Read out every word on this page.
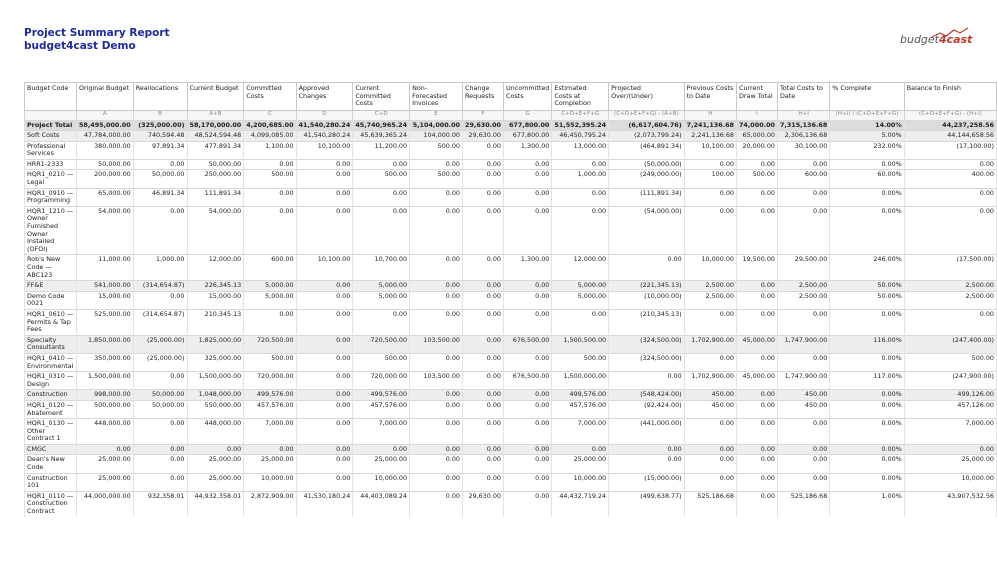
Project Summary Report
budget4cast Demo	budget4cast
Budget Code	Original Budget	Reallocations	Current Budget	Committed Costs	Approved Changes	Current Committed Costs	Non-Forecasted Invoices	Change Requests	Uncommitted Costs	Estimated Costs at Completion	Projected Over/(Under)	Previous Costs to Date	Current Draw Total	Total Costs to Date	% Complete	Balance to Finish
	A	B	A+B	C	D	C+D	E	F	G	C+D+E+F+G	(C+D+E+F+G) - (A+B)	H	I	H+I	(H+I) / (C+D+E+F+G)	(C+D+E+F+G) - (H+I)
Project Total	58,495,000.00	(325,000.00)	58,170,000.00	4,200,685.00	41,540,280.24	45,740,965.24	5,104,000.00	29,630.00	677,800.00	51,552,395.24	(6,617,604.76)	7,241,136.68	74,000.00	7,315,136.68	14.00%	44,237,258.56
Soft Costs	47,784,000.00	740,594.48	48,524,594.48	4,099,085.00	41,540,280.24	45,639,365.24	104,000.00	29,630.00	677,800.00	46,450,795.24	(2,073,799.24)	2,241,136.68	65,000.00	2,306,136.68	5.00%	44,144,658.56
Professional Services	380,000.00	97,891.34	477,891.34	1,100.00	10,100.00	11,200.00	500.00	0.00	1,300.00	13,000.00	(464,891.34)	10,100.00	20,000.00	30,100.00	232.00%	(17,100.00)
HRR1-2333	50,000.00	0.00	50,000.00	0.00	0.00	0.00	0.00	0.00	0.00	0.00	(50,000.00)	0.00	0.00	0.00	0.00%	0.00
HQR1_0210 — Legal	200,000.00	50,000.00	250,000.00	500.00	0.00	500.00	500.00	0.00	0.00	1,000.00	(249,000.00)	100.00	500.00	600.00	60.00%	400.00
HQR1_0910 — Programming	65,000.00	46,891.34	111,891.34	0.00	0.00	0.00	0.00	0.00	0.00	0.00	(111,891.34)	0.00	0.00	0.00	0.00%	0.00
HQR1_1210 — Owner Furnished Owner Installed (OFOI)	54,000.00	0.00	54,000.00	0.00	0.00	0.00	0.00	0.00	0.00	0.00	(54,000.00)	0.00	0.00	0.00	0.00%	0.00
Rob's New Code — ABC123	11,000.00	1,000.00	12,000.00	600.00	10,100.00	10,700.00	0.00	0.00	1,300.00	12,000.00	0.00	10,000.00	19,500.00	29,500.00	246.00%	(17,500.00)
FF&E	541,000.00	(314,654.87)	226,345.13	5,000.00	0.00	5,000.00	0.00	0.00	0.00	5,000.00	(221,345.13)	2,500.00	0.00	2,500.00	50.00%	2,500.00
Demo Code 0021	15,000.00	0.00	15,000.00	5,000.00	0.00	5,000.00	0.00	0.00	0.00	5,000.00	(10,000.00)	2,500.00	0.00	2,500.00	50.00%	2,500.00
HQR1_0610 — Permits & Tap Fees	525,000.00	(314,654.87)	210,345.13	0.00	0.00	0.00	0.00	0.00	0.00	0.00	(210,345.13)	0.00	0.00	0.00	0.00%	0.00
Specialty Consultants	1,850,000.00	(25,000.00)	1,825,000.00	720,500.00	0.00	720,500.00	103,500.00	0.00	676,500.00	1,500,500.00	(324,500.00)	1,702,900.00	45,000.00	1,747,900.00	116.00%	(247,400.00)
HQR1_0410 — Environmental	350,000.00	(25,000.00)	325,000.00	500.00	0.00	500.00	0.00	0.00	0.00	500.00	(324,500.00)	0.00	0.00	0.00	0.00%	500.00
HQR1_0310 — Design	1,500,000.00	0.00	1,500,000.00	720,000.00	0.00	720,000.00	103,500.00	0.00	676,500.00	1,500,000.00	0.00	1,702,900.00	45,000.00	1,747,900.00	117.00%	(247,900.00)
Construction	998,000.00	50,000.00	1,048,000.00	499,576.00	0.00	499,576.00	0.00	0.00	0.00	499,576.00	(548,424.00)	450.00	0.00	450.00	0.00%	499,126.00
HQR1_0120 — Abatement	500,000.00	50,000.00	550,000.00	457,576.00	0.00	457,576.00	0.00	0.00	0.00	457,576.00	(92,424.00)	450.00	0.00	450.00	0.00%	457,126.00
HQR1_0130 — Other Contract 1	448,000.00	0.00	448,000.00	7,000.00	0.00	7,000.00	0.00	0.00	0.00	7,000.00	(441,000.00)	0.00	0.00	0.00	0.00%	7,000.00
CMGC	0.00	0.00	0.00	0.00	0.00	0.00	0.00	0.00	0.00	0.00	0.00	0.00	0.00	0.00	0.00%	0.00
Dean's New Code	25,000.00	0.00	25,000.00	25,000.00	0.00	25,000.00	0.00	0.00	0.00	25,000.00	0.00	0.00	0.00	0.00	0.00%	25,000.00
Construction 101	25,000.00	0.00	25,000.00	10,000.00	0.00	10,000.00	0.00	0.00	0.00	10,000.00	(15,000.00)	0.00	0.00	0.00	0.00%	10,000.00
HQR1_0110 — Construction Contract	44,000,000.00	932,358.01	44,932,358.01	2,872,909.00	41,530,180.24	44,403,089.24	0.00	29,630.00	0.00	44,432,719.24	(499,638.77)	525,186.68	0.00	525,186.68	1.00%	43,907,532.56
